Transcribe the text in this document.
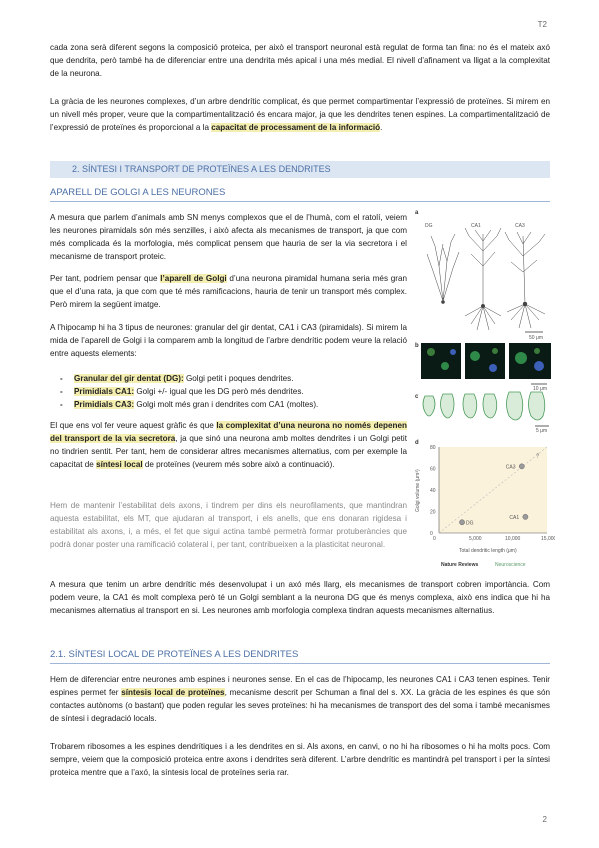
T2

cada zona serà diferent segons la composició proteica, per això el transport neuronal està regulat de forma tan fina: no és el mateix axó que dendrita, però també ha de diferenciar entre una dendrita més apical i una més medial. El nivell d’afinament va lligat a la complexitat de la neurona.

La gràcia de les neurones complexes, d’un arbre dendrític complicat, és que permet compartimentar l’expressió de proteïnes. Si mirem en un nivell més proper, veure que la compartimentalització és encara major, ja que les dendrites tenen espines. La compartimentalització de l’expressió de proteïnes és proporcional a la capacitat de processament de la informació.

2. SÍNTESI I TRANSPORT DE PROTEÏNES A LES DENDRITES
APARELL DE GOLGI A LES NEURONES

A mesura que parlem d’animals amb SN menys complexos que el de l’humà, com el ratolí, veiem les neurones piramidals són més senzilles, i això afecta als mecanismes de transport, ja que com més complicada és la morfologia, més complicat pensem que hauria de ser la via secretora i el mecanisme de transport proteic.

Per tant, podríem pensar que l’aparell de Golgi d’una neurona piramidal humana seria més gran que el d’una rata, ja que com que té més ramificacions, hauria de tenir un transport més complex. Però mirem la següent imatge.

A l’hipocamp hi ha 3 tipus de neurones: granular del gir dentat, CA1 i CA3 (piramidals). Si mirem la mida de l’aparell de Golgi i la comparem amb la longitud de l’arbre dendrític podem veure la relació entre aquests elements:

- Granular del gir dentat (DG): Golgi petit i poques dendrites.
- Primidials CA1: Golgi +/- igual que les DG però més dendrites.
- Primidials CA3: Golgi molt més gran i dendrites com CA1 (moltes).

El que ens vol fer veure aquest gràfic és que la complexitat d’una neurona no només depenen del transport de la via secretora, ja que sinó una neurona amb moltes dendrites i un Golgi petit no tindrien sentit. Per tant, hem de considerar altres mecanismes alternatius, com per exemple la capacitat de síntesi local de proteïnes (veurem més sobre això a continuació).

Hem de mantenir l’estabilitat dels axons, i tindrem per dins els neurofilaments, que mantindran aquesta estabilitat, els MT, que ajudaran al transport, i els anells, que ens donaran rigidesa i estabilitat als axons, i, a més, el fet que sigui actina també permetrà formar protuberàncies que podrà donar poster una ramificació colateral i, per tant, contribueixen a la plasticitat neuronal.

A mesura que tenim un arbre dendrític més desenvolupat i un axó més llarg, els mecanismes de transport cobren importància. Com podem veure, la CA1 és molt complexa però té un Golgi semblant a la neurona DG que és menys complexa, això ens indica que hi ha mecanismes alternatius al transport en si. Les neurones amb morfologia complexa tindran aquests mecanismes alternatius.

2.1. SÍNTESI LOCAL DE PROTEÏNES A LES DENDRITES

Hem de diferenciar entre neurones amb espines i neurones sense. En el cas de l’hipocamp, les neurones CA1 i CA3 tenen espines. Tenir espines permet fer síntesis local de proteïnes, mecanisme descrit per Schuman a final del s. XX. La gràcia de les espines és que són contactes autònoms (o bastant) que poden regular les seves proteïnes: hi ha mecanismes de transport des del soma i també mecanismes de síntesi i degradació locals.

Trobarem ribosomes a les espines dendrítiques i a les dendrites en si. Als axons, en canvi, o no hi ha ribosomes o hi ha molts pocs. Com sempre, veiem que la composició proteica entre axons i dendrites serà diferent. L’arbre dendrític es mantindrà pel transport i per la síntesi proteica mentre que a l’axó, la síntesis local de proteïnes seria rar.

a
DG	CA1	CA3
50 μm
b
10 μm
c
5 μm
d
0	5,000	10,000	15,000
0
20
40
60
80
DG
CA1
CA3
?
Golgi volume (μm³)
Total dendritic length (μm)
Nature Reviews	Neuroscience
2
